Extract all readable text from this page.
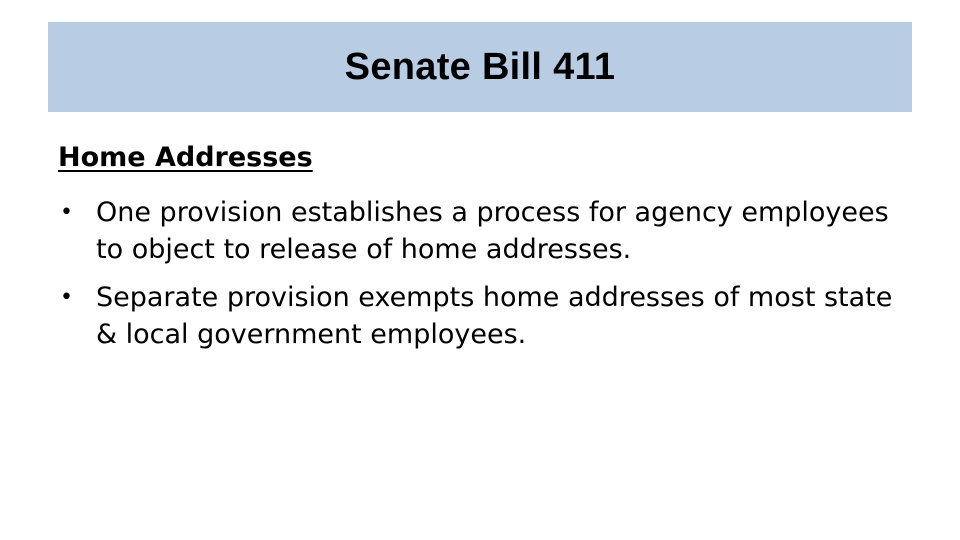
Senate Bill 411
Home Addresses
• One provision establishes a process for agency employees to object to release of home addresses.
• Separate provision exempts home addresses of most state & local government employees.
